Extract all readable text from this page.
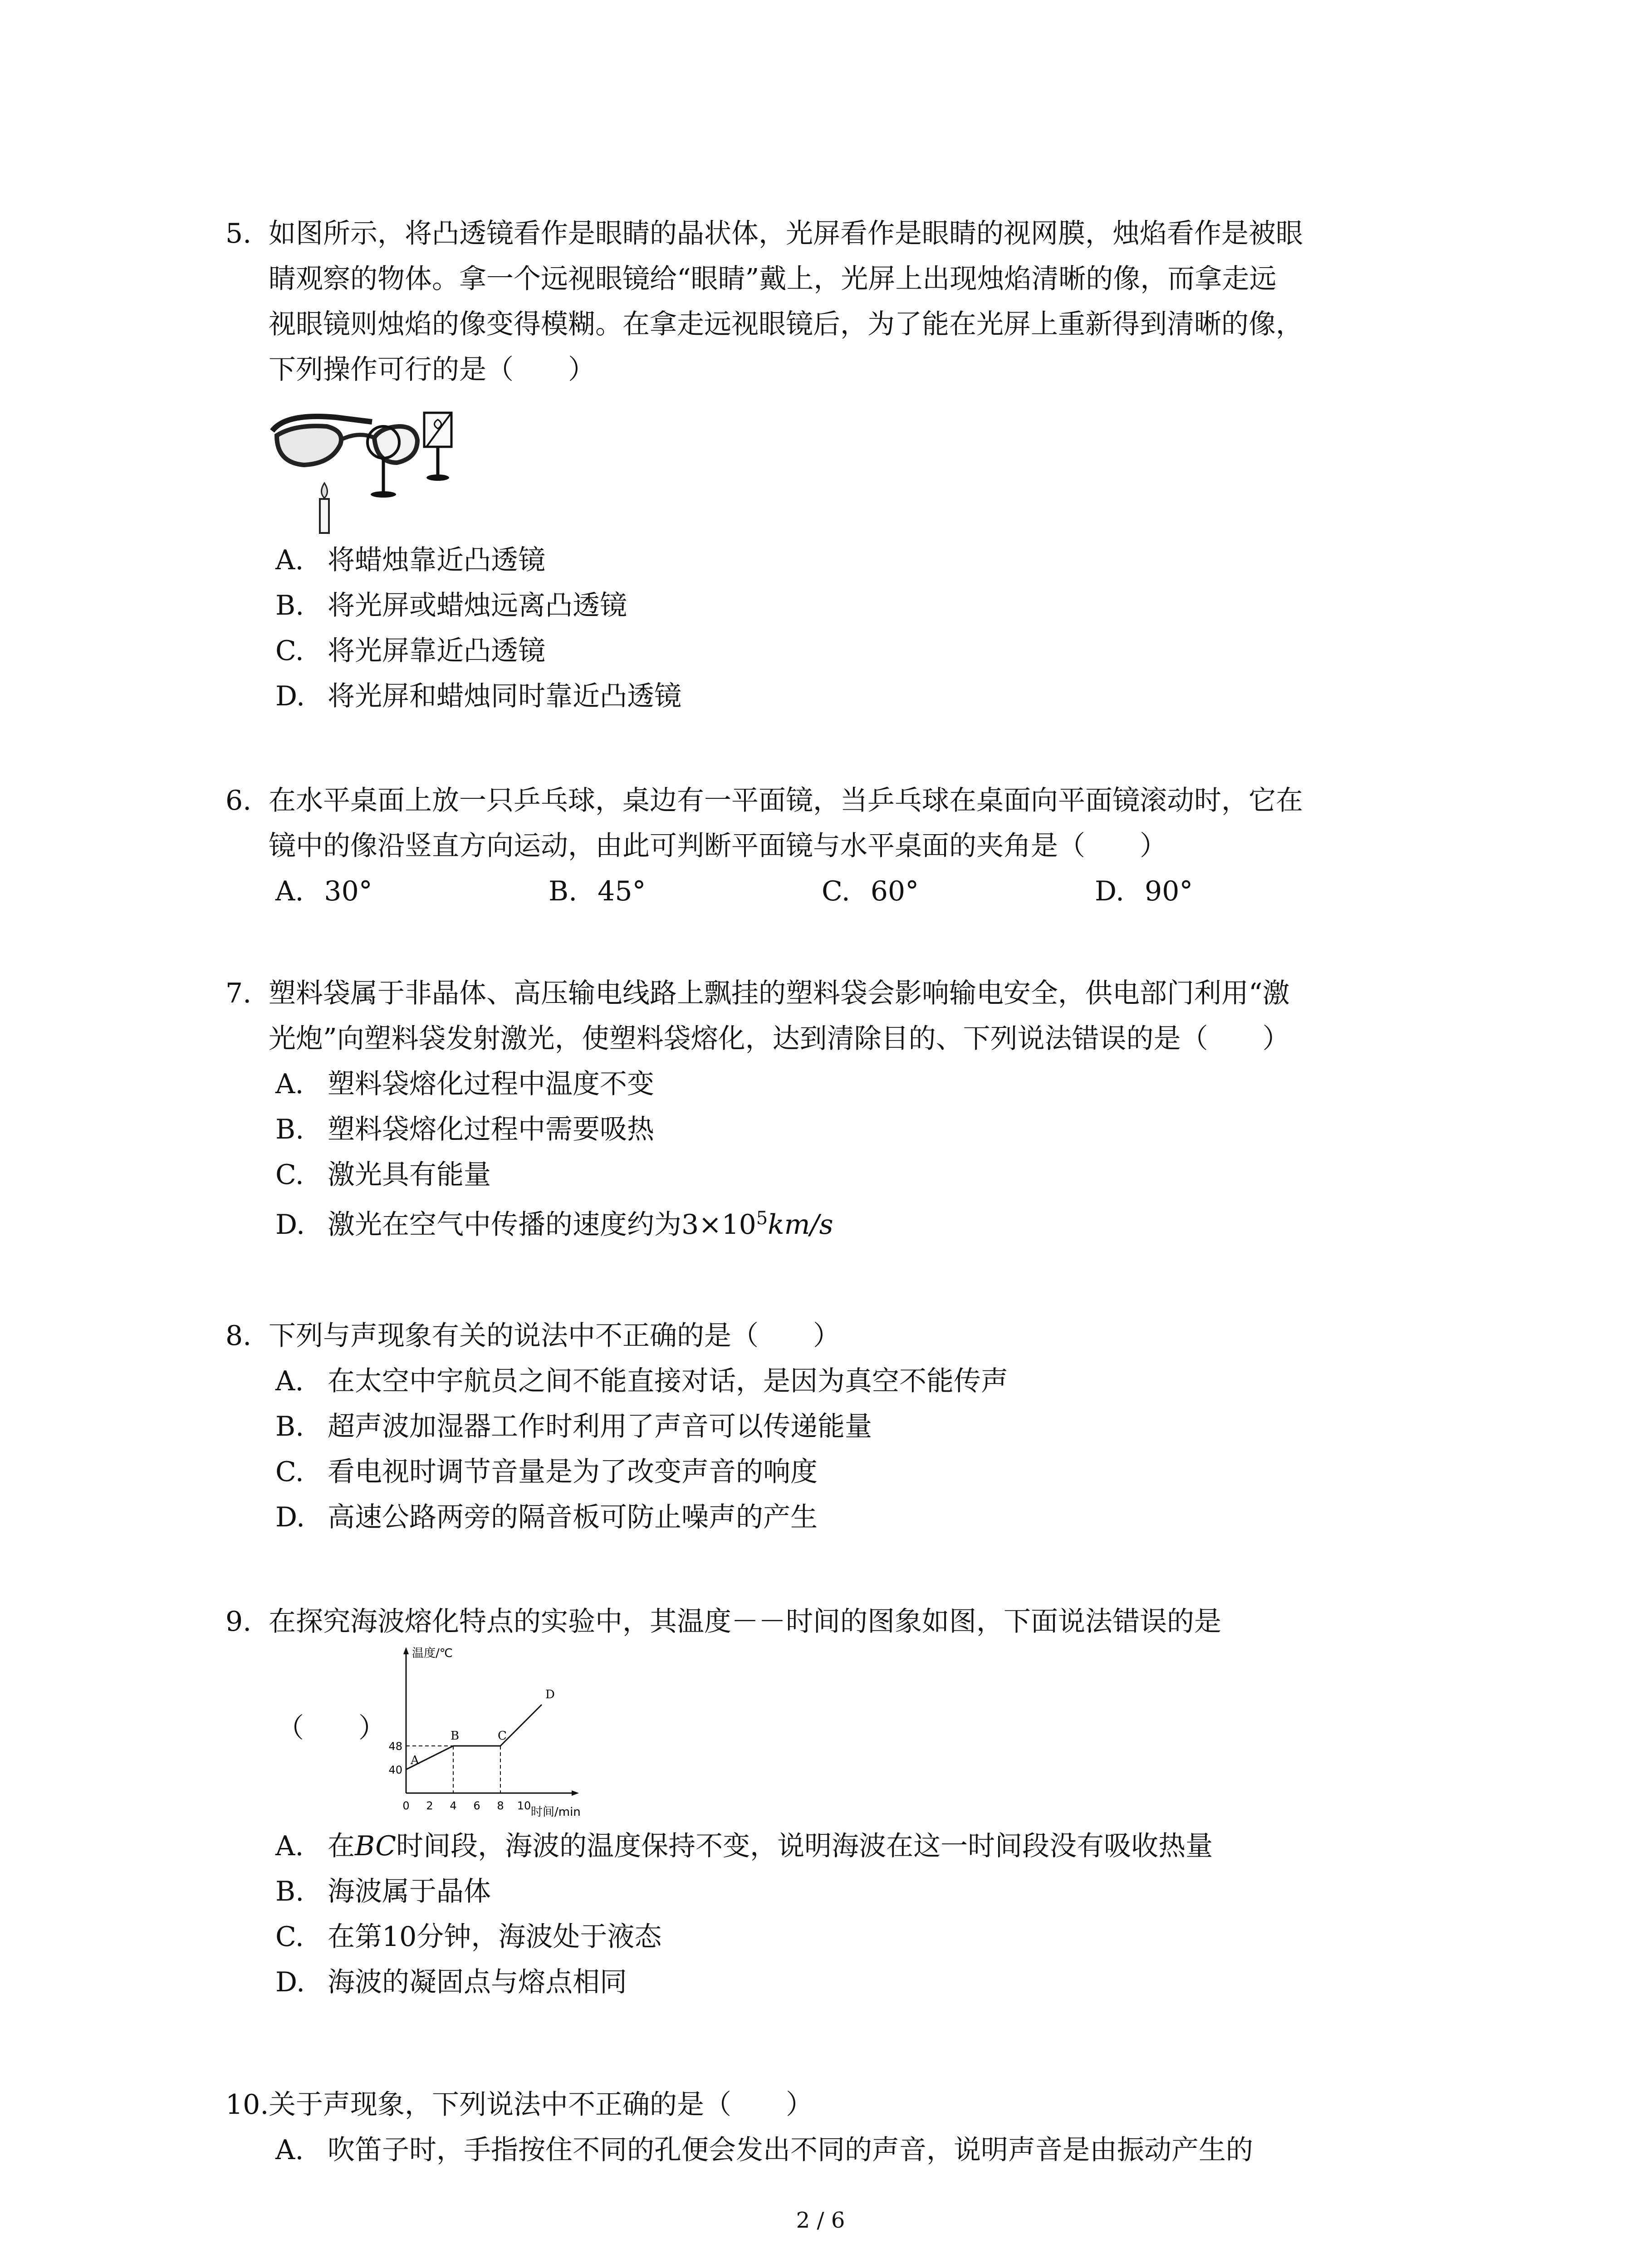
5. 如图所示，将凸透镜看作是眼睛的晶状体，光屏看作是眼睛的视网膜，烛焰看作是被眼
睛观察的物体。拿一个远视眼镜给“眼睛”戴上，光屏上出现烛焰清晰的像，而拿走远
视眼镜则烛焰的像变得模糊。在拿走远视眼镜后，为了能在光屏上重新得到清晰的像，
下列操作可行的是（　　）
A. 将蜡烛靠近凸透镜
B. 将光屏或蜡烛远离凸透镜
C. 将光屏靠近凸透镜
D. 将光屏和蜡烛同时靠近凸透镜
6. 在水平桌面上放一只乒乓球，桌边有一平面镜，当乒乓球在桌面向平面镜滚动时，它在
镜中的像沿竖直方向运动，由此可判断平面镜与水平桌面的夹角是（　　）
A. 30°	B. 45°	C. 60°	D. 90°
7. 塑料袋属于非晶体、高压输电线路上飘挂的塑料袋会影响输电安全，供电部门利用“激
光炮”向塑料袋发射激光，使塑料袋熔化，达到清除目的、下列说法错误的是（　　）
A. 塑料袋熔化过程中温度不变
B. 塑料袋熔化过程中需要吸热
C. 激光具有能量
D. 激光在空气中传播的速度约为$3\times 10^5km/s$
8. 下列与声现象有关的说法中不正确的是（　　）
A. 在太空中宇航员之间不能直接对话，是因为真空不能传声
B. 超声波加湿器工作时利用了声音可以传递能量
C. 看电视时调节音量是为了改变声音的响度
D. 高速公路两旁的隔音板可防止噪声的产生
9. 在探究海波熔化特点的实验中，其温度－－时间的图象如图，下面说法错误的是
（　　）
温度/℃
时间/min
A
B	C
D
40
48
0 2 4 6 8 10
A. 在BC时间段，海波的温度保持不变，说明海波在这一时间段没有吸收热量
B. 海波属于晶体
C. 在第10分钟，海波处于液态
D. 海波的凝固点与熔点相同
10. 关于声现象，下列说法中不正确的是（　　）
A. 吹笛子时，手指按住不同的孔便会发出不同的声音，说明声音是由振动产生的
2 / 6
